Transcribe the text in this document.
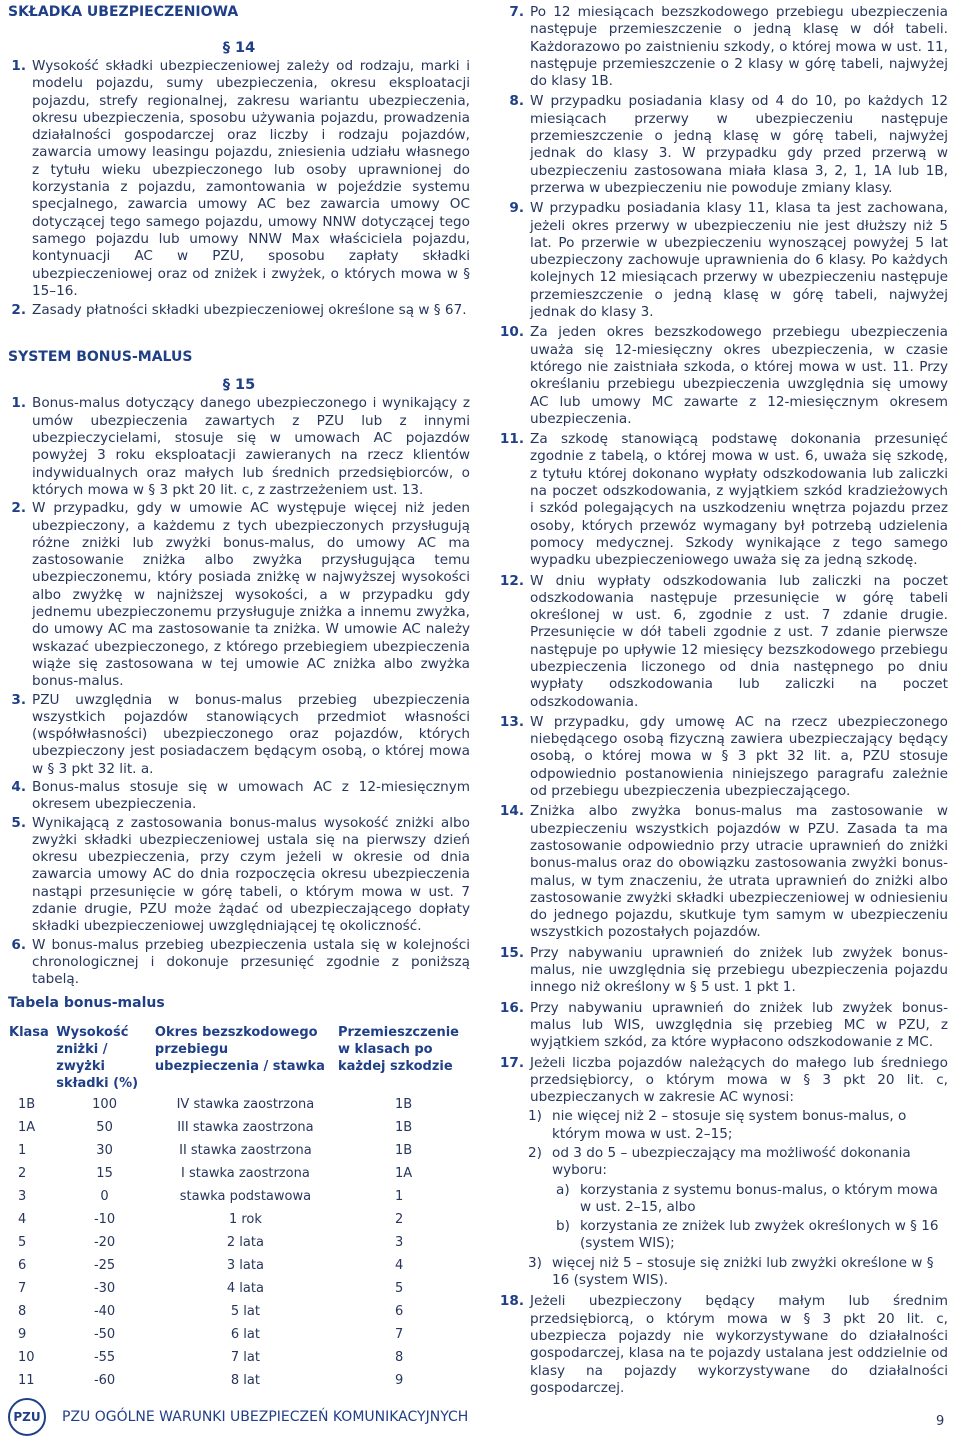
SKŁADKA UBEZPIECZENIOWA

§ 14

1. Wysokość składki ubezpieczeniowej zależy od rodzaju, marki i modelu pojazdu, sumy ubezpieczenia, okresu eksploatacji pojazdu, strefy regionalnej, zakresu wariantu ubezpieczenia, okresu ubezpieczenia, sposobu używania pojazdu, prowadzenia działalności gospodarczej oraz liczby i rodzaju pojazdów, zawarcia umowy leasingu pojazdu, zniesienia udziału własnego z tytułu wieku ubezpieczonego lub osoby uprawnionej do korzystania z pojazdu, zamontowania w pojeździe systemu specjalnego, zawarcia umowy AC bez zawarcia umowy OC dotyczącej tego samego pojazdu, umowy NNW dotyczącej tego samego pojazdu lub umowy NNW Max właściciela pojazdu, kontynuacji AC w PZU, sposobu zapłaty składki ubezpieczeniowej oraz od zniżek i zwyżek, o których mowa w § 15–16.
2. Zasady płatności składki ubezpieczeniowej określone są w § 67.

SYSTEM BONUS-MALUS

§ 15

1. Bonus-malus dotyczący danego ubezpieczonego i wynikający z umów ubezpieczenia zawartych z PZU lub z innymi ubezpieczycielami, stosuje się w umowach AC pojazdów powyżej 3 roku eksploatacji zawieranych na rzecz klientów indywidualnych oraz małych lub średnich przedsiębiorców, o których mowa w § 3 pkt 20 lit. c, z zastrzeżeniem ust. 13.
2. W przypadku, gdy w umowie AC występuje więcej niż jeden ubezpieczony, a każdemu z tych ubezpieczonych przysługują różne zniżki lub zwyżki bonus-malus, do umowy AC ma zastosowanie zniżka albo zwyżka przysługująca temu ubezpieczonemu, który posiada zniżkę w najwyższej wysokości albo zwyżkę w najniższej wysokości, a w przypadku gdy jednemu ubezpieczonemu przysługuje zniżka a innemu zwyżka, do umowy AC ma zastosowanie ta zniżka. W umowie AC należy wskazać ubezpieczonego, z którego przebiegiem ubezpieczenia wiąże się zastosowana w tej umowie AC zniżka albo zwyżka bonus-malus.
3. PZU uwzględnia w bonus-malus przebieg ubezpieczenia wszystkich pojazdów stanowiących przedmiot własności (współwłasności) ubezpieczonego oraz pojazdów, których ubezpieczony jest posiadaczem będącym osobą, o której mowa w § 3 pkt 32 lit. a.
4. Bonus-malus stosuje się w umowach AC z 12-miesięcznym okresem ubezpieczenia.
5. Wynikającą z zastosowania bonus-malus wysokość zniżki albo zwyżki składki ubezpieczeniowej ustala się na pierwszy dzień okresu ubezpieczenia, przy czym jeżeli w okresie od dnia zawarcia umowy AC do dnia rozpoczęcia okresu ubezpieczenia nastąpi przesunięcie w górę tabeli, o którym mowa w ust. 7 zdanie drugie, PZU może żądać od ubezpieczającego dopłaty składki ubezpieczeniowej uwzględniającej tę okoliczność.
6. W bonus-malus przebieg ubezpieczenia ustala się w kolejności chronologicznej i dokonuje przesunięć zgodnie z poniższą tabelą.

Tabela bonus-malus

Klasa	Wysokość zniżki / zwyżki składki (%)	Okres bezszkodowego przebiegu ubezpieczenia / stawka	Przemieszczenie w klasach po każdej szkodzie
1B	100	IV stawka zaostrzona	1B
1A	50	III stawka zaostrzona	1B
1	30	II stawka zaostrzona	1B
2	15	I stawka zaostrzona	1A
3	0	stawka podstawowa	1
4	-10	1 rok	2
5	-20	2 lata	3
6	-25	3 lata	4
7	-30	4 lata	5
8	-40	5 lat	6
9	-50	6 lat	7
10	-55	7 lat	8
11	-60	8 lat	9
7. Po 12 miesiącach bezszkodowego przebiegu ubezpieczenia następuje przemieszczenie o jedną klasę w dół tabeli. Każdorazowo po zaistnieniu szkody, o której mowa w ust. 11, następuje przemieszczenie o 2 klasy w górę tabeli, najwyżej do klasy 1B.
8. W przypadku posiadania klasy od 4 do 10, po każdych 12 miesiącach przerwy w ubezpieczeniu następuje przemieszczenie o jedną klasę w górę tabeli, najwyżej jednak do klasy 3. W przypadku gdy przed przerwą w ubezpieczeniu zastosowana miała klasa 3, 2, 1, 1A lub 1B, przerwa w ubezpieczeniu nie powoduje zmiany klasy.
9. W przypadku posiadania klasy 11, klasa ta jest zachowana, jeżeli okres przerwy w ubezpieczeniu nie jest dłuższy niż 5 lat. Po przerwie w ubezpieczeniu wynoszącej powyżej 5 lat ubezpieczony zachowuje uprawnienia do 6 klasy. Po każdych kolejnych 12 miesiącach przerwy w ubezpieczeniu następuje przemieszczenie o jedną klasę w górę tabeli, najwyżej jednak do klasy 3.
10. Za jeden okres bezszkodowego przebiegu ubezpieczenia uważa się 12-miesięczny okres ubezpieczenia, w czasie którego nie zaistniała szkoda, o której mowa w ust. 11. Przy określaniu przebiegu ubezpieczenia uwzględnia się umowy AC lub umowy MC zawarte z 12-miesięcznym okresem ubezpieczenia.
11. Za szkodę stanowiącą podstawę dokonania przesunięć zgodnie z tabelą, o której mowa w ust. 6, uważa się szkodę, z tytułu której dokonano wypłaty odszkodowania lub zaliczki na poczet odszkodowania, z wyjątkiem szkód kradzieżowych i szkód polegających na uszkodzeniu wnętrza pojazdu przez osoby, których przewóz wymagany był potrzebą udzielenia pomocy medycznej. Szkody wynikające z tego samego wypadku ubezpieczeniowego uważa się za jedną szkodę.
12. W dniu wypłaty odszkodowania lub zaliczki na poczet odszkodowania następuje przesunięcie w górę tabeli określonej w ust. 6, zgodnie z ust. 7 zdanie drugie. Przesunięcie w dół tabeli zgodnie z ust. 7 zdanie pierwsze następuje po upływie 12 miesięcy bezszkodowego przebiegu ubezpieczenia liczonego od dnia następnego po dniu wypłaty odszkodowania lub zaliczki na poczet odszkodowania.
13. W przypadku, gdy umowę AC na rzecz ubezpieczonego niebędącego osobą fizyczną zawiera ubezpieczający będący osobą, o której mowa w § 3 pkt 32 lit. a, PZU stosuje odpowiednio postanowienia niniejszego paragrafu zależnie od przebiegu ubezpieczenia ubezpieczającego.
14. Zniżka albo zwyżka bonus-malus ma zastosowanie w ubezpieczeniu wszystkich pojazdów w PZU. Zasada ta ma zastosowanie odpowiednio przy utracie uprawnień do zniżki bonus-malus oraz do obowiązku zastosowania zwyżki bonus-malus, w tym znaczeniu, że utrata uprawnień do zniżki albo zastosowanie zwyżki składki ubezpieczeniowej w odniesieniu do jednego pojazdu, skutkuje tym samym w ubezpieczeniu wszystkich pozostałych pojazdów.
15. Przy nabywaniu uprawnień do zniżek lub zwyżek bonus-malus, nie uwzględnia się przebiegu ubezpieczenia pojazdu innego niż określony w § 5 ust. 1 pkt 1.
16. Przy nabywaniu uprawnień do zniżek lub zwyżek bonus-malus lub WIS, uwzględnia się przebieg MC w PZU, z wyjątkiem szkód, za które wypłacono odszkodowanie z MC.
17. Jeżeli liczba pojazdów należących do małego lub średniego przedsiębiorcy, o którym mowa w § 3 pkt 20 lit. c, ubezpieczanych w zakresie AC wynosi:
1) nie więcej niż 2 – stosuje się system bonus-malus, o którym mowa w ust. 2–15;
2) od 3 do 5 – ubezpieczający ma możliwość dokonania wyboru:
a) korzystania z systemu bonus-malus, o którym mowa w ust. 2–15, albo
b) korzystania ze zniżek lub zwyżek określonych w § 16 (system WIS);
3) więcej niż 5 – stosuje się zniżki lub zwyżki określone w § 16 (system WIS).
18. Jeżeli ubezpieczony będący małym lub średnim przedsiębiorcą, o którym mowa w § 3 pkt 20 lit. c, ubezpiecza pojazdy nie wykorzystywane do działalności gospodarczej, klasa na te pojazdy ustalana jest oddzielnie od klasy na pojazdy wykorzystywane do działalności gospodarczej.
PZU	PZU OGÓLNE WARUNKI UBEZPIECZEŃ KOMUNIKACYJNYCH	9
